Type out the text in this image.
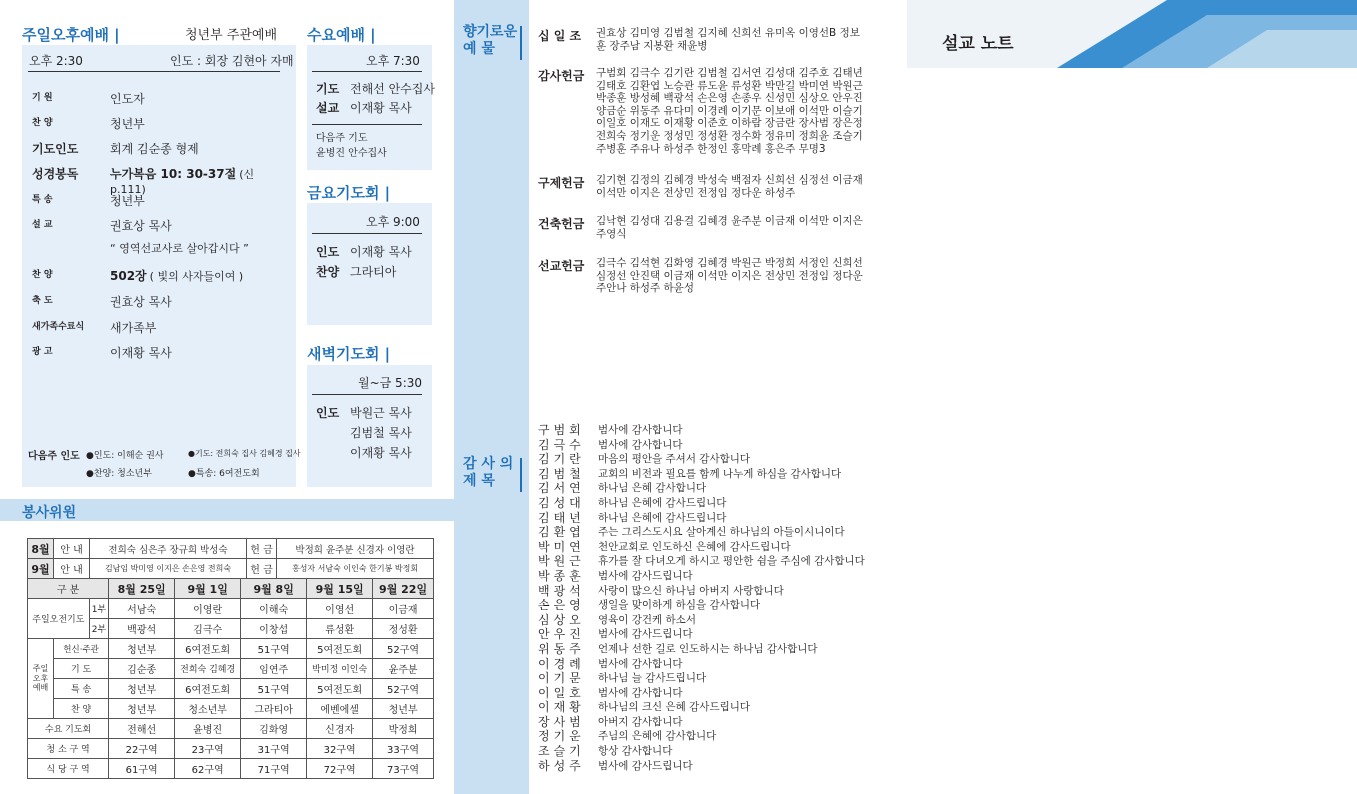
주일오후예배 |	청년부 주관예배
오후 2:30	인도 : 회장 김현아 자매
기 원	인도자
찬 양	청년부
기도인도	회계 김순종 형제
성경봉독	누가복음 10: 30-37절 (신 p.111)
특 송	청년부
설 교	권효상 목사
“ 영역선교사로 살아갑시다 ”
찬 양	502장 ( 빛의 사자들이여 )
축 도	권효상 목사
새가족수료식	새가족부
광 고	이재황 목사
다음주 인도 ●인도: 이해순 권사	●기도: 전희숙 집사 김혜경 집사
●찬양: 청소년부	●특송: 6여전도회
수요예배 |
오후 7:30
기도 전해선 안수집사
설교 이재황 목사
다음주 기도
윤병진 안수집사
금요기도회 |
오후 9:00
인도 이재황 목사
찬양 그라티아
새벽기도회 |
월~금 5:30
인도 박원근 목사
김범철 목사
이재황 목사
봉사위원
8월	안 내	전희숙 심은주 장규희 박성숙	헌 금	박정희 윤주분 신경자 이영란
9월	안 내	김남임 박미영 이지은 손은영 전희숙	헌 금	홍성자 서남숙 이인숙 한기봉 박정회
구 분			8월 25일	9월 1일	9월 8일	9월 15일	9월 22일
주일오전기도		1부	서남숙	이영란	이해숙	이영선	이금재
		2부	백광석	김극수	이창섭	류성환	정성환
주일
오후
예배	헌신·주관		청년부	6여전도회	51구역	5여전도회	52구역
	기 도		김순종	전희숙 김혜경	임연주	박미정 이인숙	윤주분
	특 송		청년부	6여전도회	51구역	5여전도회	52구역
	찬 양		청년부	청소년부	그라티아	에벤에셀	청년부
수요 기도회			전해선	윤병진	김화영	신경자	박정희
청 소 구 역			22구역	23구역	31구역	32구역	33구역
식 당 구 역			61구역	62구역	71구역	72구역	73구역
향기로운
예 물
감 사 의
제 목
십 일 조	권효상 김미영 김범철 김지혜 신희선 유미옥 이영선B 정보훈 장주남 지봉환 채윤병
감사헌금	구범회 김극수 김기란 김범철 김서연 김성대 김주호 김태년 김태호 김환엽 노승관 류도윤 류성환 박만길 박미연 박원근 박종훈 방성혜 백광석 손은영 손종우 신성민 심상오 안우진 양금순 위동주 유다미 이경례 이기문 이보애 이석만 이슬기 이일호 이재도 이재황 이준호 이하람 장금란 장사범 장은정 전희숙 정기운 정성민 정성환 정수화 정유미 정희윤 조슬기 주병훈 주유나 하성주 한정인 홍막례 홍은주 무명3
구제헌금	김기현 김정의 김혜경 박성숙 백점자 신희선 심정선 이금재 이석만 이지은 전상민 전정임 정다운 하성주
건축헌금	김낙현 김성대 김용걸 김혜경 윤주분 이금재 이석만 이지은 주영식
선교헌금	김극수 김석현 김화영 김혜경 박원근 박정희 서정인 신희선 심정선 안진택 이금재 이석만 이지은 전상민 전정임 정다운 주안나 하성주 하윤성
구범회	범사에 감사합니다
김극수	범사에 감사합니다
김기란	마음의 평안을 주셔서 감사합니다
김범철	교회의 비전과 필요를 함께 나누게 하심을 감사합니다
김서연	하나님 은혜 감사합니다
김성대	하나님 은혜에 감사드립니다
김태년	하나님 은혜에 감사드립니다
김환엽	주는 그리스도시요 살아계신 하나님의 아들이시니이다
박미연	천안교회로 인도하신 은혜에 감사드립니다
박원근	휴가를 잘 다녀오게 하시고 평안한 쉼을 주심에 감사합니다
박종훈	범사에 감사드립니다
백광석	사랑이 많으신 하나님 아버지 사랑합니다
손은영	생일을 맞이하게 하심을 감사합니다
심상오	영육이 강건케 하소서
안우진	범사에 감사드립니다
위동주	언제나 선한 길로 인도하시는 하나님 감사합니다
이경례	범사에 감사합니다
이기문	하나님 늘 감사드립니다
이일호	범사에 감사합니다
이재황	하나님의 크신 은혜 감사드립니다
장사범	아버지 감사합니다
정기운	주님의 은혜에 감사합니다
조슬기	항상 감사합니다
하성주	범사에 감사드립니다
설교 노트
